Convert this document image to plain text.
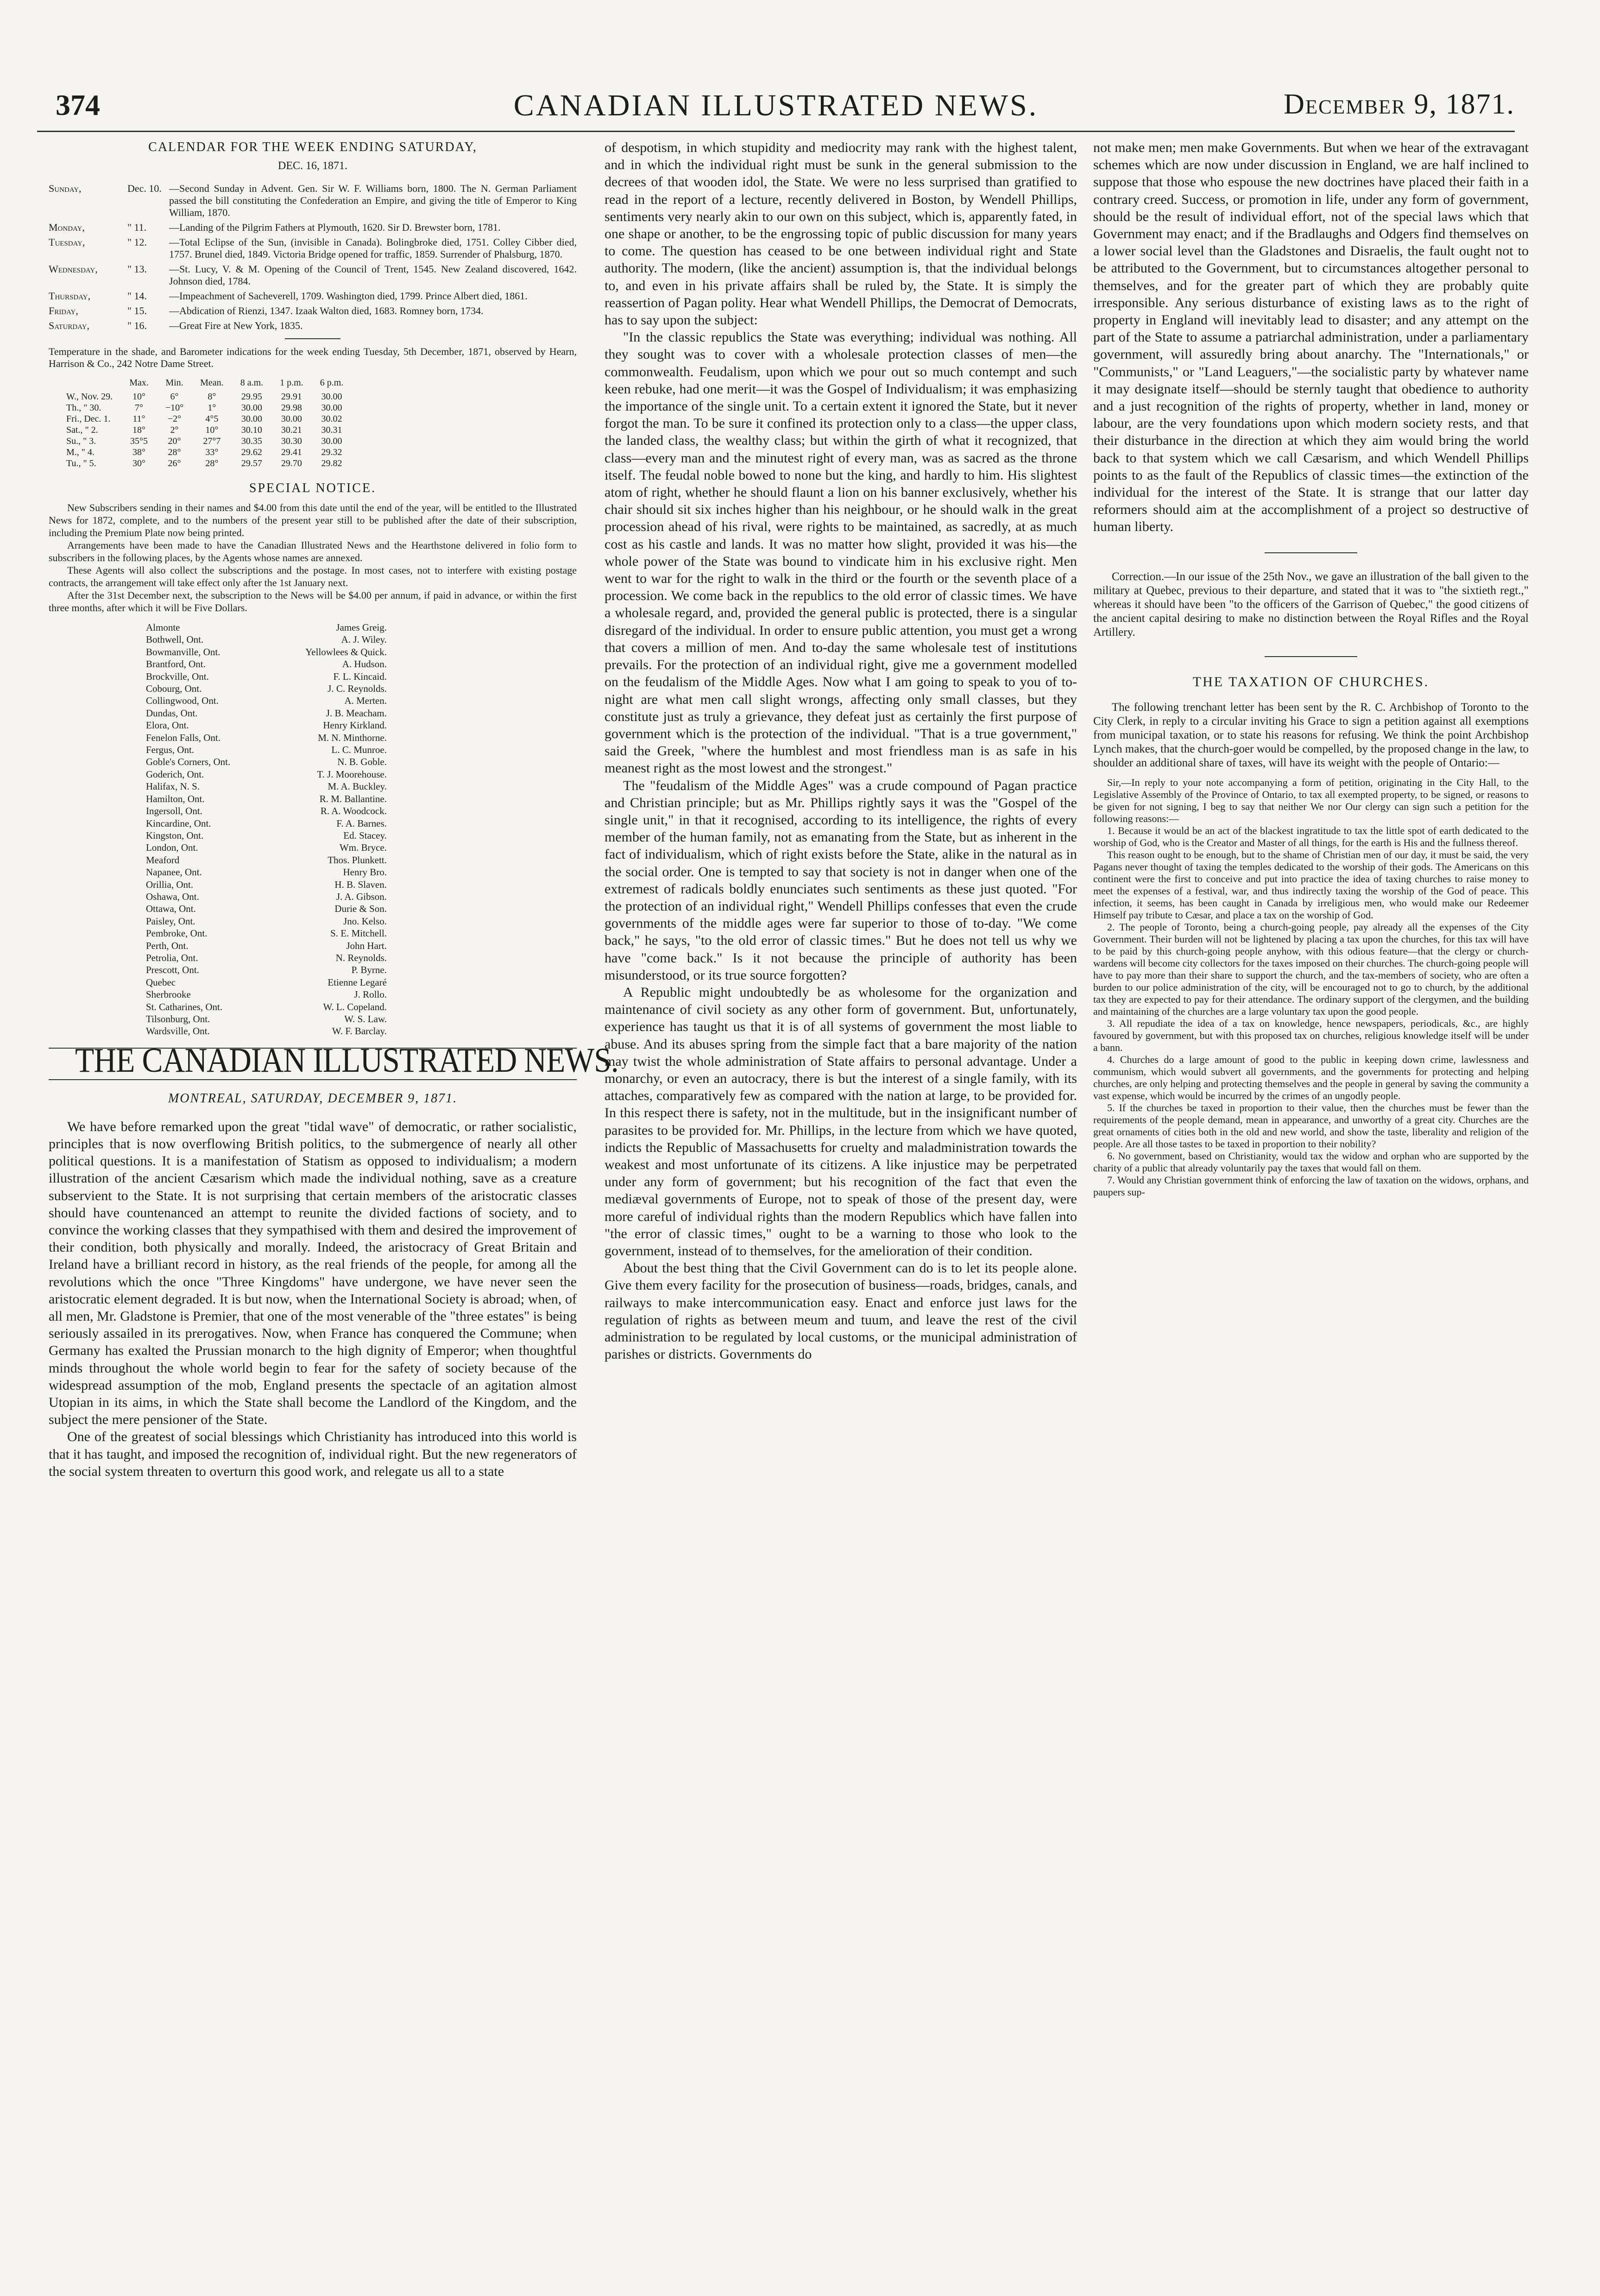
CANADIAN ILLUSTRATED NEWS.
374	December 9, 1871.
CALENDAR FOR THE WEEK ENDING SATURDAY,
DEC. 16, 1871.
Sunday,	Dec. 10. —Second Sunday in Advent. Gen. Sir W. F. Williams born, 1800. The N. German Parliament passed the bill constituting the Confederation an Empire, and giving the title of Emperor to King William, 1870.
Monday,	" 11.	—Landing of the Pilgrim Fathers at Plymouth, 1620. Sir D. Brewster born, 1781.
Tuesday,	" 12.	—Total Eclipse of the Sun, (invisible in Canada). Bolingbroke died, 1751. Colley Cibber died, 1757. Brunel died, 1849. Victoria Bridge opened for traffic, 1859. Surrender of Phalsburg, 1870.
Wednesday,	" 13.	—St. Lucy, V. & M. Opening of the Council of Trent, 1545. New Zealand discovered, 1642. Johnson died, 1784.
Thursday,	" 14.	—Impeachment of Sacheverell, 1709. Washington died, 1799. Prince Albert died, 1861.
Friday,	" 15.	—Abdication of Rienzi, 1347. Izaak Walton died, 1683. Romney born, 1734.
Saturday,	" 16.	—Great Fire at New York, 1835.
Temperature in the shade, and Barometer indications for the week ending Tuesday, 5th December, 1871, observed by Hearn, Harrison & Co., 242 Notre Dame Street.
	Max.	Min.	Mean.	8 a.m.	1 p.m.	6 p.m.
W., Nov. 29.	10°	6°	8°	29.95	29.91	30.00
Th., " 30.	7°	−10°	1°	30.00	29.98	30.00
Fri., Dec. 1.	11°	−2°	4°5	30.00	30.00	30.02
Sat., " 2.	18°	2°	10°	30.10	30.21	30.31
Su., " 3.	35°5	20°	27°7	30.35	30.30	30.00
M., " 4.	38°	28°	33°	29.62	29.41	29.32
Tu., " 5.	30°	26°	28°	29.57	29.70	29.82
SPECIAL NOTICE.

New Subscribers sending in their names and $4.00 from this date until the end of the year, will be entitled to the Illustrated News for 1872, complete, and to the numbers of the present year still to be published after the date of their subscription, including the Premium Plate now being printed.

Arrangements have been made to have the Canadian Illustrated News and the Hearthstone delivered in folio form to subscribers in the following places, by the Agents whose names are annexed.

These Agents will also collect the subscriptions and the postage. In most cases, not to interfere with existing postage contracts, the arrangement will take effect only after the 1st January next.

After the 31st December next, the subscription to the News will be $4.00 per annum, if paid in advance, or within the first three months, after which it will be Five Dollars.

Almonte	James Greig.
Bothwell, Ont.	A. J. Wiley.
Bowmanville, Ont.	Yellowlees & Quick.
Brantford, Ont.	A. Hudson.
Brockville, Ont.	F. L. Kincaid.
Cobourg, Ont.	J. C. Reynolds.
Collingwood, Ont.	A. Merten.
Dundas, Ont.	J. B. Meacham.
Elora, Ont.	Henry Kirkland.
Fenelon Falls, Ont.	M. N. Minthorne.
Fergus, Ont.	L. C. Munroe.
Goble's Corners, Ont.	N. B. Goble.
Goderich, Ont.	T. J. Moorehouse.
Halifax, N. S.	M. A. Buckley.
Hamilton, Ont.	R. M. Ballantine.
Ingersoll, Ont.	R. A. Woodcock.
Kincardine, Ont.	F. A. Barnes.
Kingston, Ont.	Ed. Stacey.
London, Ont.	Wm. Bryce.
Meaford	Thos. Plunkett.
Napanee, Ont.	Henry Bro.
Orillia, Ont.	H. B. Slaven.
Oshawa, Ont.	J. A. Gibson.
Ottawa, Ont.	Durie & Son.
Paisley, Ont.	Jno. Kelso.
Pembroke, Ont.	S. E. Mitchell.
Perth, Ont.	John Hart.
Petrolia, Ont.	N. Reynolds.
Prescott, Ont.	P. Byrne.
Quebec	Etienne Legaré
Sherbrooke	J. Rollo.
St. Catharines, Ont.	W. L. Copeland.
Tilsonburg, Ont.	W. S. Law.
Wardsville, Ont.	W. F. Barclay.
THE CANADIAN ILLUSTRATED NEWS.
MONTREAL, SATURDAY, DECEMBER 9, 1871.

We have before remarked upon the great "tidal wave" of democratic, or rather socialistic, principles that is now overflowing British politics, to the submergence of nearly all other political questions. It is a manifestation of Statism as opposed to individualism; a modern illustration of the ancient Cæsarism which made the individual nothing, save as a creature subservient to the State. It is not surprising that certain members of the aristocratic classes should have countenanced an attempt to reunite the divided factions of society, and to convince the working classes that they sympathised with them and desired the improvement of their condition, both physically and morally. Indeed, the aristocracy of Great Britain and Ireland have a brilliant record in history, as the real friends of the people, for among all the revolutions which the once "Three Kingdoms" have undergone, we have never seen the aristocratic element degraded. It is but now, when the International Society is abroad; when, of all men, Mr. Gladstone is Premier, that one of the most venerable of the "three estates" is being seriously assailed in its prerogatives. Now, when France has conquered the Commune; when Germany has exalted the Prussian monarch to the high dignity of Emperor; when thoughtful minds throughout the whole world begin to fear for the safety of society because of the widespread assumption of the mob, England presents the spectacle of an agitation almost Utopian in its aims, in which the State shall become the Landlord of the Kingdom, and the subject the mere pensioner of the State.

One of the greatest of social blessings which Christianity has introduced into this world is that it has taught, and imposed the recognition of, individual right. But the new regenerators of the social system threaten to overturn this good work, and relegate us all to a state

of despotism, in which stupidity and mediocrity may rank with the highest talent, and in which the individual right must be sunk in the general submission to the decrees of that wooden idol, the State. We were no less surprised than gratified to read in the report of a lecture, recently delivered in Boston, by Wendell Phillips, sentiments very nearly akin to our own on this subject, which is, apparently fated, in one shape or another, to be the engrossing topic of public discussion for many years to come. The question has ceased to be one between individual right and State authority. The modern, (like the ancient) assumption is, that the individual belongs to, and even in his private affairs shall be ruled by, the State. It is simply the reassertion of Pagan polity. Hear what Wendell Phillips, the Democrat of Democrats, has to say upon the subject:

"In the classic republics the State was everything; individual was nothing. All they sought was to cover with a wholesale protection classes of men—the commonwealth. Feudalism, upon which we pour out so much contempt and such keen rebuke, had one merit—it was the Gospel of Individualism; it was emphasizing the importance of the single unit. To a certain extent it ignored the State, but it never forgot the man. To be sure it confined its protection only to a class—the upper class, the landed class, the wealthy class; but within the girth of what it recognized, that class—every man and the minutest right of every man, was as sacred as the throne itself. The feudal noble bowed to none but the king, and hardly to him. His slightest atom of right, whether he should flaunt a lion on his banner exclusively, whether his chair should sit six inches higher than his neighbour, or he should walk in the great procession ahead of his rival, were rights to be maintained, as sacredly, at as much cost as his castle and lands. It was no matter how slight, provided it was his—the whole power of the State was bound to vindicate him in his exclusive right. Men went to war for the right to walk in the third or the fourth or the seventh place of a procession. We come back in the republics to the old error of classic times. We have a wholesale regard, and, provided the general public is protected, there is a singular disregard of the individual. In order to ensure public attention, you must get a wrong that covers a million of men. And to-day the same wholesale test of institutions prevails. For the protection of an individual right, give me a government modelled on the feudalism of the Middle Ages. Now what I am going to speak to you of to-night are what men call slight wrongs, affecting only small classes, but they constitute just as truly a grievance, they defeat just as certainly the first purpose of government which is the protection of the individual. "That is a true government," said the Greek, "where the humblest and most friendless man is as safe in his meanest right as the most lowest and the strongest."

The "feudalism of the Middle Ages" was a crude compound of Pagan practice and Christian principle; but as Mr. Phillips rightly says it was the "Gospel of the single unit," in that it recognised, according to its intelligence, the rights of every member of the human family, not as emanating from the State, but as inherent in the fact of individualism, which of right exists before the State, alike in the natural as in the social order. One is tempted to say that society is not in danger when one of the extremest of radicals boldly enunciates such sentiments as these just quoted. "For the protection of an individual right," Wendell Phillips confesses that even the crude governments of the middle ages were far superior to those of to-day. "We come back," he says, "to the old error of classic times." But he does not tell us why we have "come back." Is it not because the principle of authority has been misunderstood, or its true source forgotten?

A Republic might undoubtedly be as wholesome for the organization and maintenance of civil society as any other form of government. But, unfortunately, experience has taught us that it is of all systems of government the most liable to abuse. And its abuses spring from the simple fact that a bare majority of the nation may twist the whole administration of State affairs to personal advantage. Under a monarchy, or even an autocracy, there is but the interest of a single family, with its attaches, comparatively few as compared with the nation at large, to be provided for. In this respect there is safety, not in the multitude, but in the insignificant number of parasites to be provided for. Mr. Phillips, in the lecture from which we have quoted, indicts the Republic of Massachusetts for cruelty and maladministration towards the weakest and most unfortunate of its citizens. A like injustice may be perpetrated under any form of government; but his recognition of the fact that even the mediæval governments of Europe, not to speak of those of the present day, were more careful of individual rights than the modern Republics which have fallen into "the error of classic times," ought to be a warning to those who look to the government, instead of to themselves, for the amelioration of their condition.

About the best thing that the Civil Government can do is to let its people alone. Give them every facility for the prosecution of business—roads, bridges, canals, and railways to make intercommunication easy. Enact and enforce just laws for the regulation of rights as between meum and tuum, and leave the rest of the civil administration to be regulated by local customs, or the municipal administration of parishes or districts. Governments do

not make men; men make Governments. But when we hear of the extravagant schemes which are now under discussion in England, we are half inclined to suppose that those who espouse the new doctrines have placed their faith in a contrary creed. Success, or promotion in life, under any form of government, should be the result of individual effort, not of the special laws which that Government may enact; and if the Bradlaughs and Odgers find themselves on a lower social level than the Gladstones and Disraelis, the fault ought not to be attributed to the Government, but to circumstances altogether personal to themselves, and for the greater part of which they are probably quite irresponsible. Any serious disturbance of existing laws as to the right of property in England will inevitably lead to disaster; and any attempt on the part of the State to assume a patriarchal administration, under a parliamentary government, will assuredly bring about anarchy. The "Internationals," or "Communists," or "Land Leaguers,"—the socialistic party by whatever name it may designate itself—should be sternly taught that obedience to authority and a just recognition of the rights of property, whether in land, money or labour, are the very foundations upon which modern society rests, and that their disturbance in the direction at which they aim would bring the world back to that system which we call Cæsarism, and which Wendell Phillips points to as the fault of the Republics of classic times—the extinction of the individual for the interest of the State. It is strange that our latter day reformers should aim at the accomplishment of a project so destructive of human liberty.

Correction.—In our issue of the 25th Nov., we gave an illustration of the ball given to the military at Quebec, previous to their departure, and stated that it was to "the sixtieth regt.," whereas it should have been "to the officers of the Garrison of Quebec," the good citizens of the ancient capital desiring to make no distinction between the Royal Rifles and the Royal Artillery.

THE TAXATION OF CHURCHES.

The following trenchant letter has been sent by the R. C. Archbishop of Toronto to the City Clerk, in reply to a circular inviting his Grace to sign a petition against all exemptions from municipal taxation, or to state his reasons for refusing. We think the point Archbishop Lynch makes, that the church-goer would be compelled, by the proposed change in the law, to shoulder an additional share of taxes, will have its weight with the people of Ontario:—

Sir,—In reply to your note accompanying a form of petition, originating in the City Hall, to the Legislative Assembly of the Province of Ontario, to tax all exempted property, to be signed, or reasons to be given for not signing, I beg to say that neither We nor Our clergy can sign such a petition for the following reasons:—

1. Because it would be an act of the blackest ingratitude to tax the little spot of earth dedicated to the worship of God, who is the Creator and Master of all things, for the earth is His and the fullness thereof.

This reason ought to be enough, but to the shame of Christian men of our day, it must be said, the very Pagans never thought of taxing the temples dedicated to the worship of their gods. The Americans on this continent were the first to conceive and put into practice the idea of taxing churches to raise money to meet the expenses of a festival, war, and thus indirectly taxing the worship of the God of peace. This infection, it seems, has been caught in Canada by irreligious men, who would make our Redeemer Himself pay tribute to Cæsar, and place a tax on the worship of God.

2. The people of Toronto, being a church-going people, pay already all the expenses of the City Government. Their burden will not be lightened by placing a tax upon the churches, for this tax will have to be paid by this church-going people anyhow, with this odious feature—that the clergy or church-wardens will become city collectors for the taxes imposed on their churches. The church-going people will have to pay more than their share to support the church, and the tax-members of society, who are often a burden to our police administration of the city, will be encouraged not to go to church, by the additional tax they are expected to pay for their attendance. The ordinary support of the clergymen, and the building and maintaining of the churches are a large voluntary tax upon the good people.

3. All repudiate the idea of a tax on knowledge, hence newspapers, periodicals, &c., are highly favoured by government, but with this proposed tax on churches, religious knowledge itself will be under a bann.

4. Churches do a large amount of good to the public in keeping down crime, lawlessness and communism, which would subvert all governments, and the governments for protecting and helping churches, are only helping and protecting themselves and the people in general by saving the community a vast expense, which would be incurred by the crimes of an ungodly people.

5. If the churches be taxed in proportion to their value, then the churches must be fewer than the requirements of the people demand, mean in appearance, and unworthy of a great city. Churches are the great ornaments of cities both in the old and new world, and show the taste, liberality and religion of the people. Are all those tastes to be taxed in proportion to their nobility?

6. No government, based on Christianity, would tax the widow and orphan who are supported by the charity of a public that already voluntarily pay the taxes that would fall on them.

7. Would any Christian government think of enforcing the law of taxation on the widows, orphans, and paupers sup-
